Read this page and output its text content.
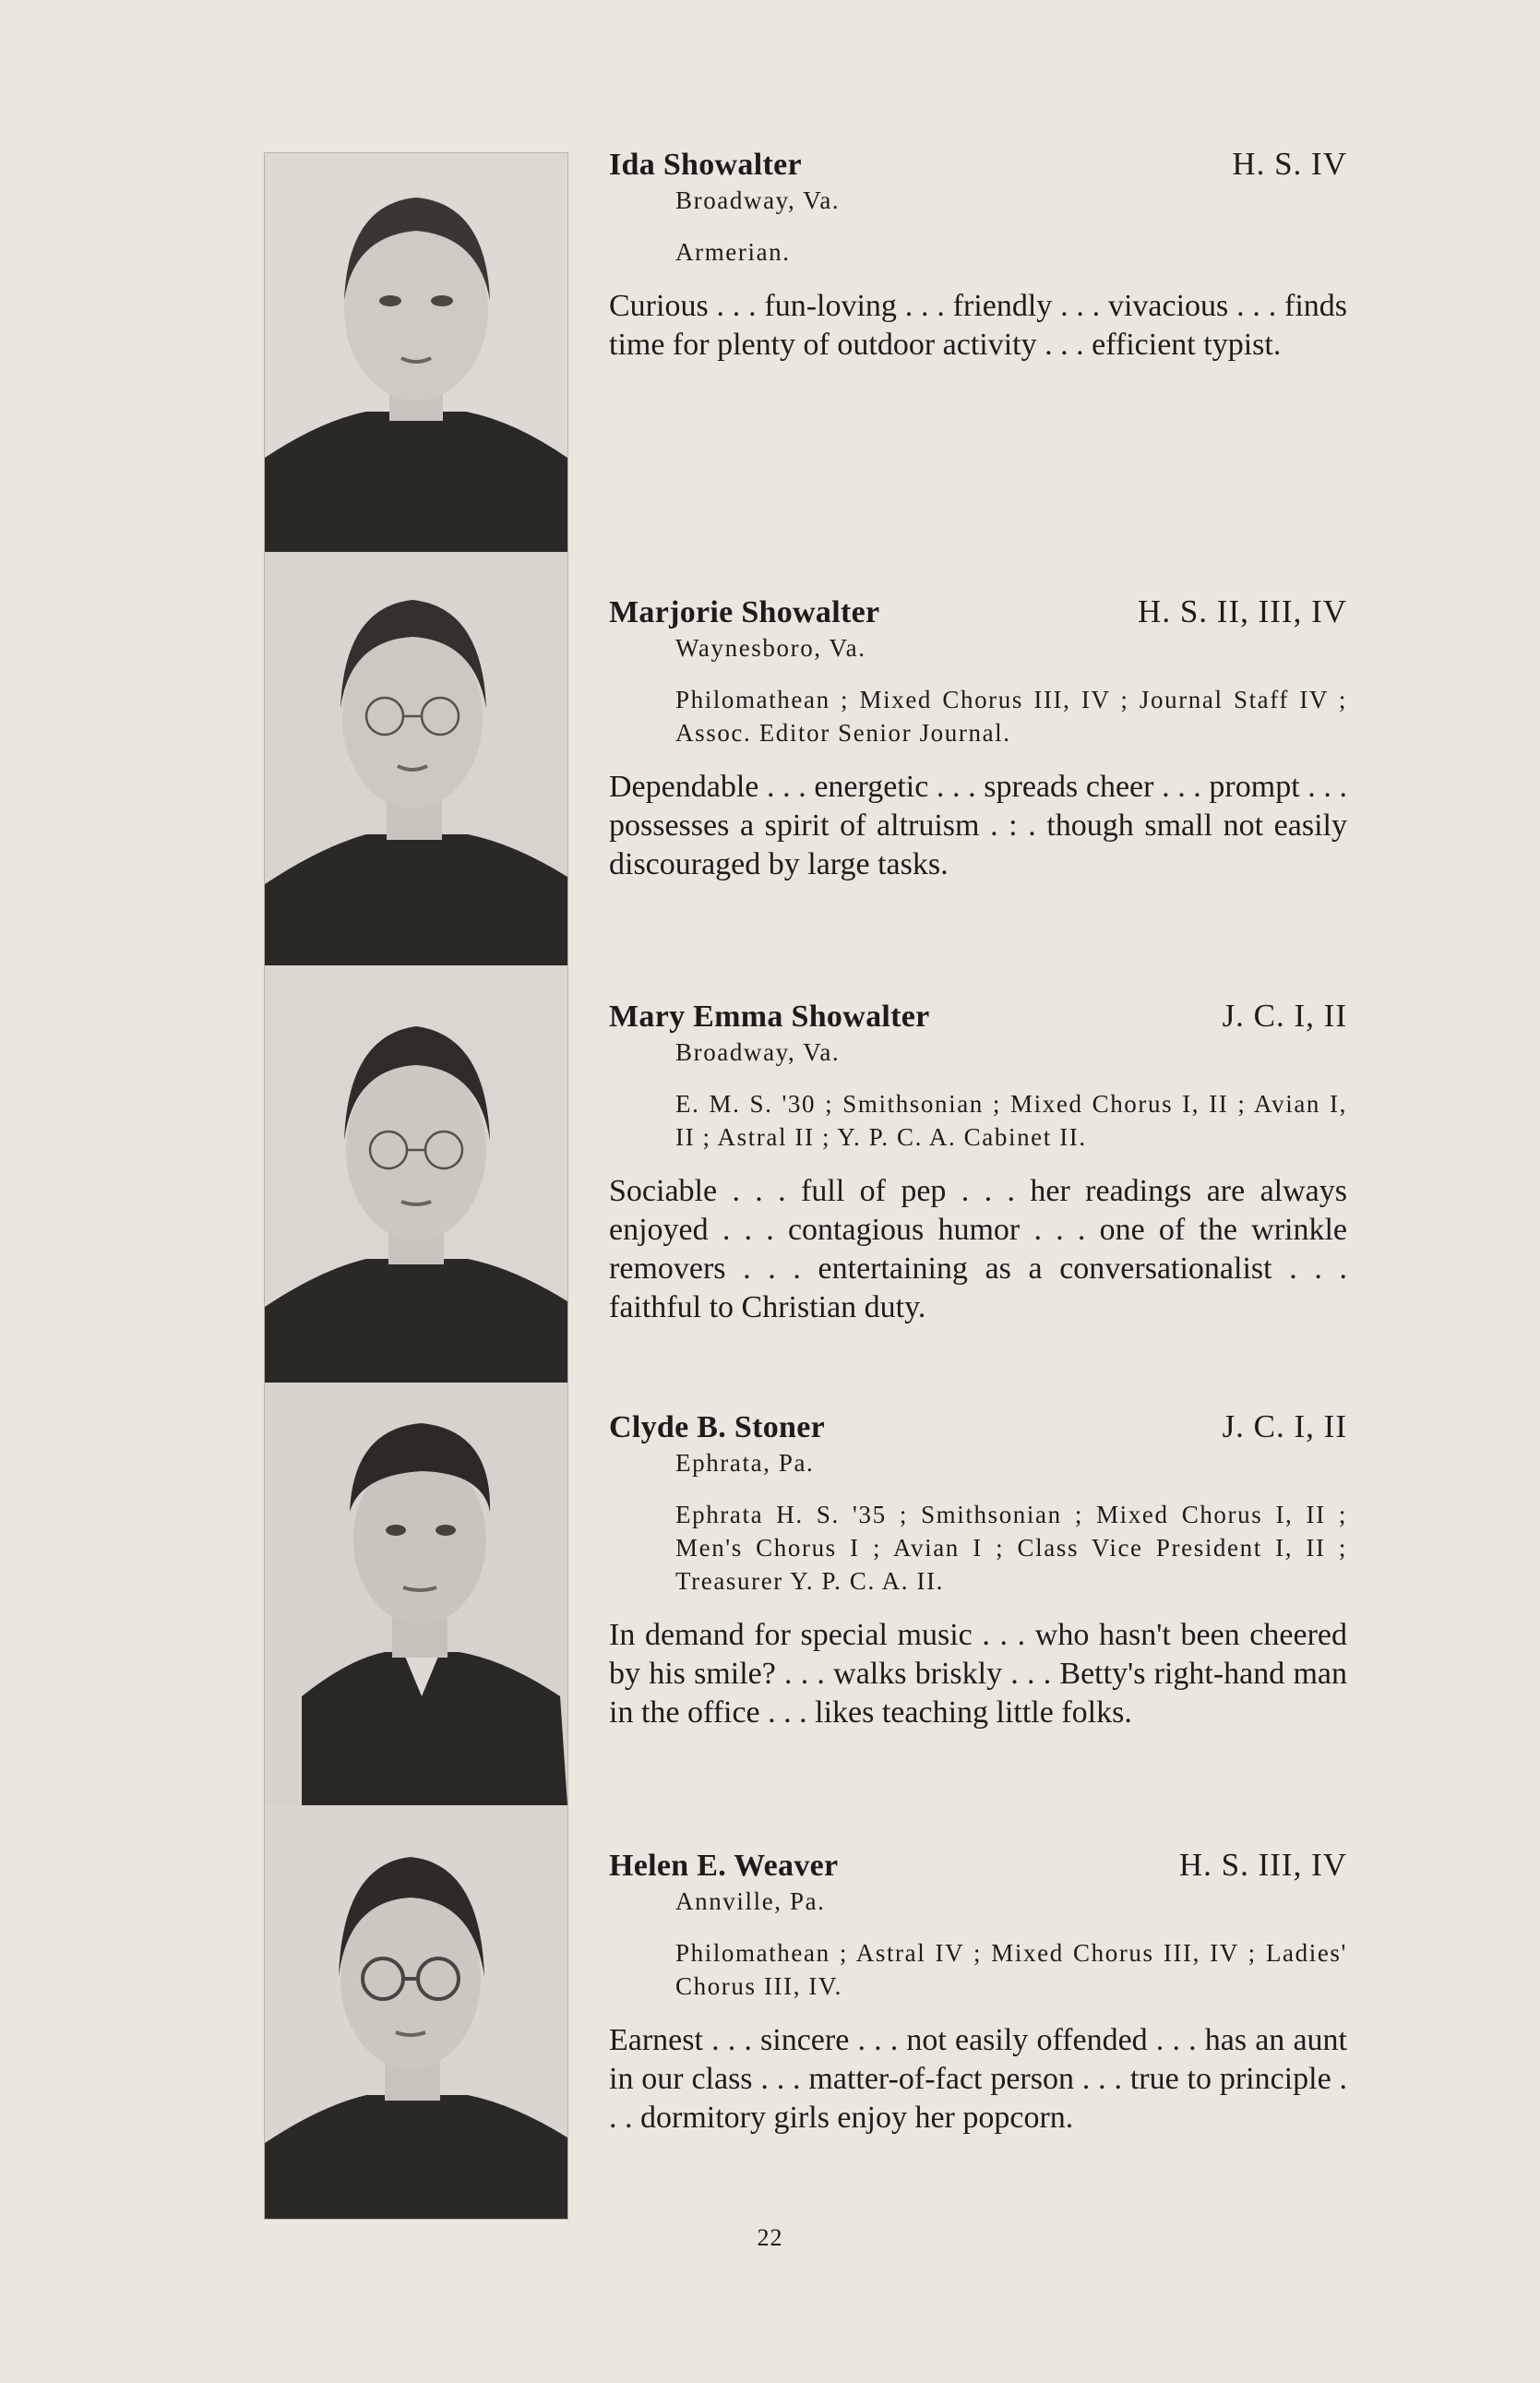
Ida Showalter	H. S. IV
Broadway, Va.
Armerian.
Curious . . . fun-loving . . . friendly . . . vivacious . . . finds time for plenty of outdoor activity . . . efficient typist.
Marjorie Showalter	H. S. II, III, IV
Waynesboro, Va.
Philomathean ; Mixed Chorus III, IV ; Journal Staff IV ; Assoc. Editor Senior Journal.
Dependable . . . energetic . . . spreads cheer . . . prompt . . . possesses a spirit of altruism . : . though small not easily discouraged by large tasks.
Mary Emma Showalter	J. C. I, II
Broadway, Va.
E. M. S. '30 ; Smithsonian ; Mixed Chorus I, II ; Avian I, II ; Astral II ; Y. P. C. A. Cabinet II.
Sociable . . . full of pep . . . her readings are always enjoyed . . . contagious humor . . . one of the wrinkle removers . . . entertaining as a conversationalist . . . faithful to Christian duty.
Clyde B. Stoner	J. C. I, II
Ephrata, Pa.
Ephrata H. S. '35 ; Smithsonian ; Mixed Chorus I, II ; Men's Chorus I ; Avian I ; Class Vice President I, II ; Treasurer Y. P. C. A. II.
In demand for special music . . . who hasn't been cheered by his smile? . . . walks briskly . . . Betty's right-hand man in the office . . . likes teaching little folks.
Helen E. Weaver	H. S. III, IV
Annville, Pa.
Philomathean ; Astral IV ; Mixed Chorus III, IV ; Ladies' Chorus III, IV.
Earnest . . . sincere . . . not easily offended . . . has an aunt in our class . . . matter-of-fact person . . . true to principle . . . dormitory girls enjoy her popcorn.
22
